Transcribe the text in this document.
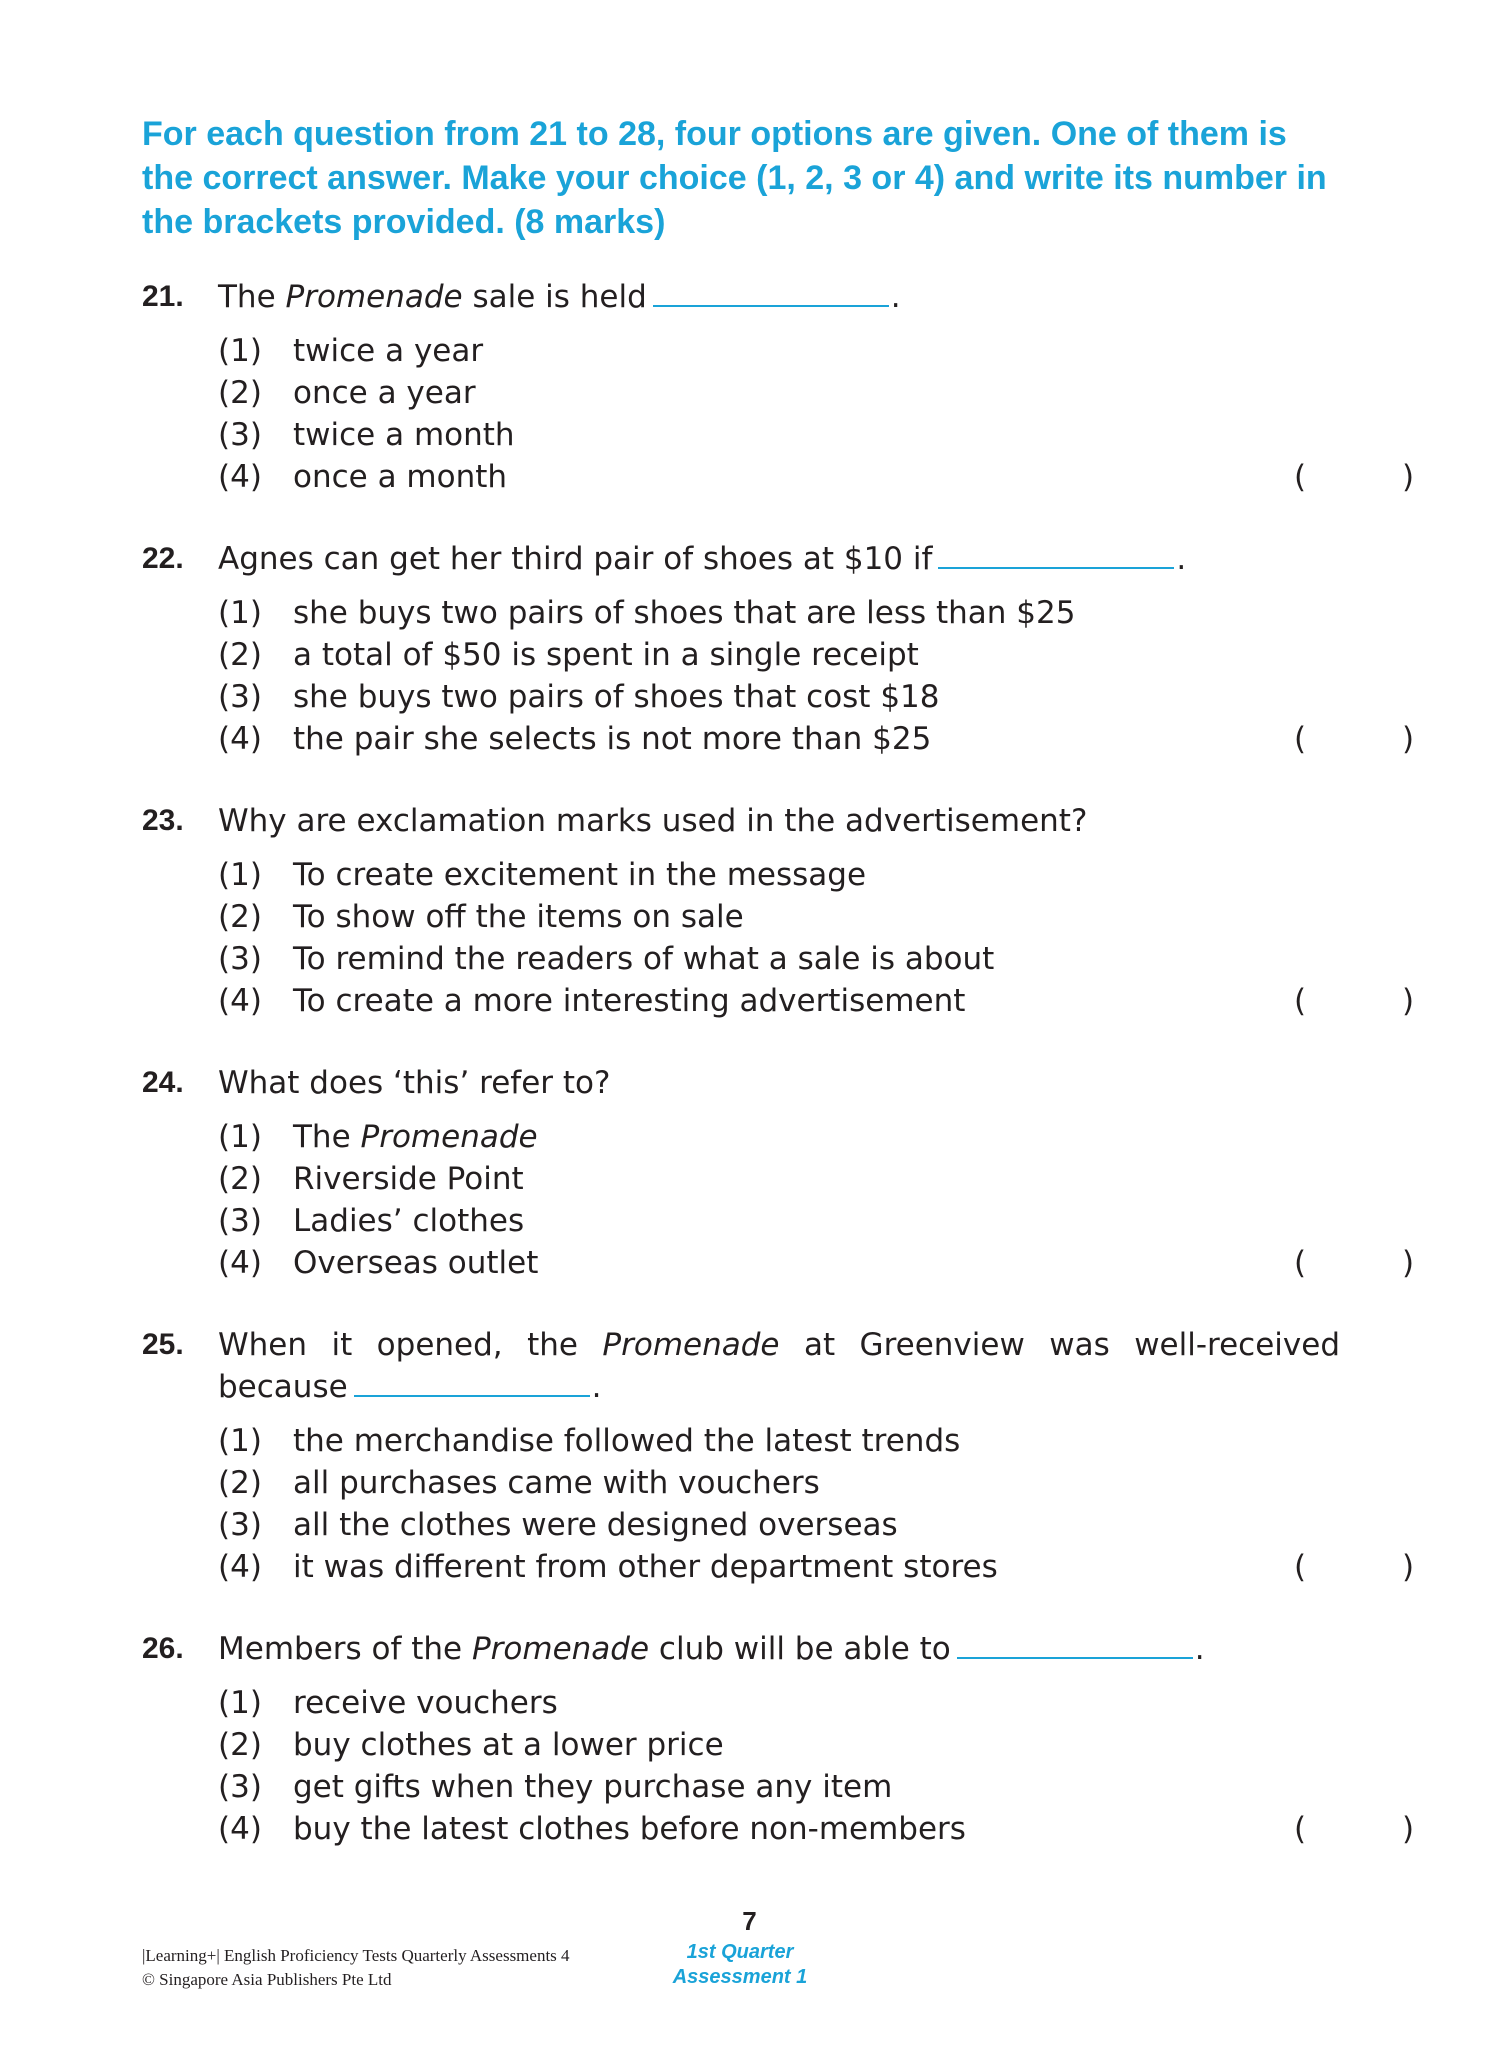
For each question from 21 to 28, four options are given. One of them is the correct answer. Make your choice (1, 2, 3 or 4) and write its number in the brackets provided. (8 marks)
21. The Promenade sale is held	.
(1) twice a year
(2) once a year
(3) twice a month
(4) once a month	(	)
22. Agnes can get her third pair of shoes at $10 if	.
(1) she buys two pairs of shoes that are less than $25
(2) a total of $50 is spent in a single receipt
(3) she buys two pairs of shoes that cost $18
(4) the pair she selects is not more than $25	(	)
23. Why are exclamation marks used in the advertisement?
(1) To create excitement in the message
(2) To show off the items on sale
(3) To remind the readers of what a sale is about
(4) To create a more interesting advertisement	(	)
24. What does ‘this’ refer to?
(1) The Promenade
(2) Riverside Point
(3) Ladies’ clothes
(4) Overseas outlet	(	)
25. When it opened, the Promenade at Greenview was well-received
because	.
(1) the merchandise followed the latest trends
(2) all purchases came with vouchers
(3) all the clothes were designed overseas
(4) it was different from other department stores	(	)
26. Members of the Promenade club will be able to	.
(1) receive vouchers
(2) buy clothes at a lower price
(3) get gifts when they purchase any item
(4) buy the latest clothes before non-members	(	)
7
|Learning+| English Proficiency Tests Quarterly Assessments 4
© Singapore Asia Publishers Pte Ltd
1st Quarter
Assessment 1
